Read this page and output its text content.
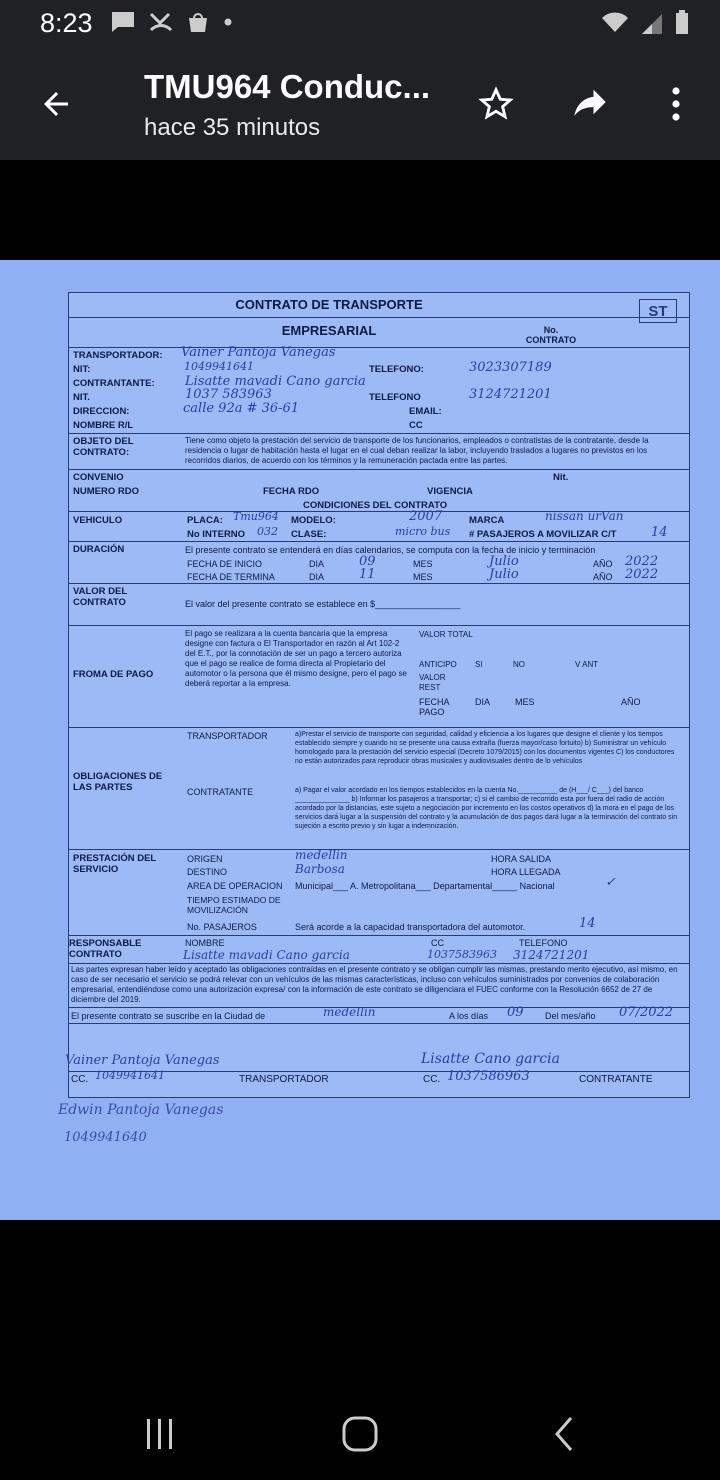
8:23
TMU964 Conduc...
hace 35 minutos
CONTRATO DE TRANSPORTE
EMPRESARIAL
ST
No. CONTRATO
TRANSPORTADOR: Vainer Pantoja Vanegas
NIT:	1049941641	TELEFONO:	3023307189
CONTRANTANTE: Lisatte mavadi Cano garcia
NIT.	1037 583963	TELEFONO	3124721201
DIRECCION:	calle 92a # 36-61	EMAIL:
NOMBRE R/L	CC
OBJETO DEL CONTRATO:
Tiene como objeto la prestación del servicio de transporte de los funcionarios, empleados o contratistas de la contratante, desde la residencia o lugar de habitación hasta el lugar en el cual deban realizar la labor, incluyendo traslados a lugares no previstos en los recorridos diarios, de acuerdo con los términos y la remuneración pactada entre las partes.
CONVENIO	Nit.
NUMERO RDO	FECHA RDO	VIGENCIA
CONDICIONES DEL CONTRATO
VEHICULO	PLACA: Tmu964 MODELO:	2007	MARCA	nissan urVan
No INTERNO 032 CLASE:	micro bus # PASAJEROS A MOVILIZAR C/T	14
DURACIÓN	El presente contrato se entenderá en días calendarios, se computa con la fecha de inicio y terminación
FECHA DE INICIO	DIA	09	MES	Julio	AÑO 2022
FECHA DE TERMINA	DIA	11	MES	Julio	AÑO 2022
VALOR DEL CONTRATO	El valor del presente contrato se establece en $_________________
FROMA DE PAGO
El pago se realizara a la cuenta bancaria que la empresa designe con factura o El Transportador en razón al Art 102-2 del E.T., por la connotación de ser un pago a tercero autoriza que el pago se realice de forma directa al Propietario del automotor o la persona que él mismo designe, pero el pago se deberá reportar a la empresa.
VALOR TOTAL
ANTICIPO SI	NO	V ANT
VALOR REST
FECHA PAGO
DIA	MES	AÑO
OBLIGACIONES DE LAS PARTES
TRANSPORTADOR	a)Prestar el servicio de transporte con seguridad, calidad y eficiencia a los lugares que designe el cliente y los tiempos establecido siempre y cuando no se presente una causa extraña (fuerza mayor/caso fortuito) b) Suministrar un vehículo homologado para la prestación del servicio especial (Decreto 1079/2015) con los documentos vigentes C) los conductores no están autorizados para reproducir obras musicales y audiovisuales dentro de lo vehículos
CONTRATANTE	a) Pagar el valor acordado en los tiempos establecidos en la cuenta No.__________ de (H___/ C___) del banco ______________ b) Informar los pasajeros a transportar; c) si el cambio de recorrido esta por fuera del radio de acción acordado por la distancias, este sujeto a negociación por incremento en los costos operativos d) la mora en el pago de los servicios dará lugar a la suspensión del contrato y la acumulación de dos pagos dará lugar a la terminación del contrato sin sujeción a escrito previo y sin lugar a indemnización.
PRESTACIÓN DEL SERVICIO
ORIGEN	medellin	HORA SALIDA
DESTINO	Barbosa	HORA LLEGADA
AREA DE OPERACION Municipal___ A. Metropolitana___ Departamental_____ Nacional	✓
TIEMPO ESTIMADO DE MOVILIZACIÓN
No. PASAJEROS	Será acorde a la capacidad transportadora del automotor.	14
RESPONSABLE CONTRATO
NOMBRE	CC	TELEFONO
Lisatte mavadi Cano garcia	1037583963 3124721201
Las partes expresan haber leído y aceptado las obligaciones contraídas en el presente contrato y se obligan cumplir las mismas, prestando merito ejecutivo, así mismo, en caso de ser necesario el servicio se podrá relevar con un vehículos de las mismas características, incluso con vehículos suministrados por convenios de colaboración empresarial, entendiéndose como una autorización expresa/ con la información de este contrato se diligenciara el FUEC conforme con la Resolución 6652 de 27 de diciembre del 2019.
El presente contrato se suscribe en la Ciudad de	medellin	A los días 09 Del mes/año 07/2022
Vainer Pantoja Vanegas	Lisatte Cano garcia
CC. 1049941641	TRANSPORTADOR	CC. 1037586963	CONTRATANTE
Edwin Pantoja Vanegas
1049941640
